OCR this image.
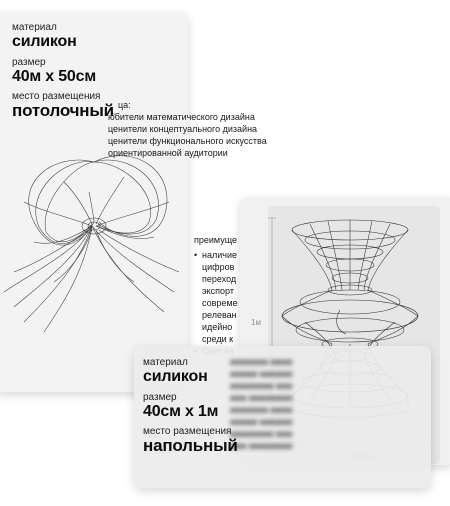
материал
силикон
размер
40м x 50см
место размещения
потолочный ца:
ю̆бители математического дизайна
ценители концептуального дизайна
ценители функционального искусства
ориентированной аудитории
преимуще
• наличие
цифров
переход
экспорт
совреме
релеван
идейно
среди к
•
1м
■■■■■■■ ■■■■
■■■■■ ■■■■■■
■■■■■■■■ ■■■
■■■ ■■■■■■■■
■■■■■■■ ■■■■
■■■■■ ■■■■■■
■■■■■■■■ ■■■
■■■ ■■■■■■■■
материал
силикон
размер
40см x 1м
место размещения
напольный
